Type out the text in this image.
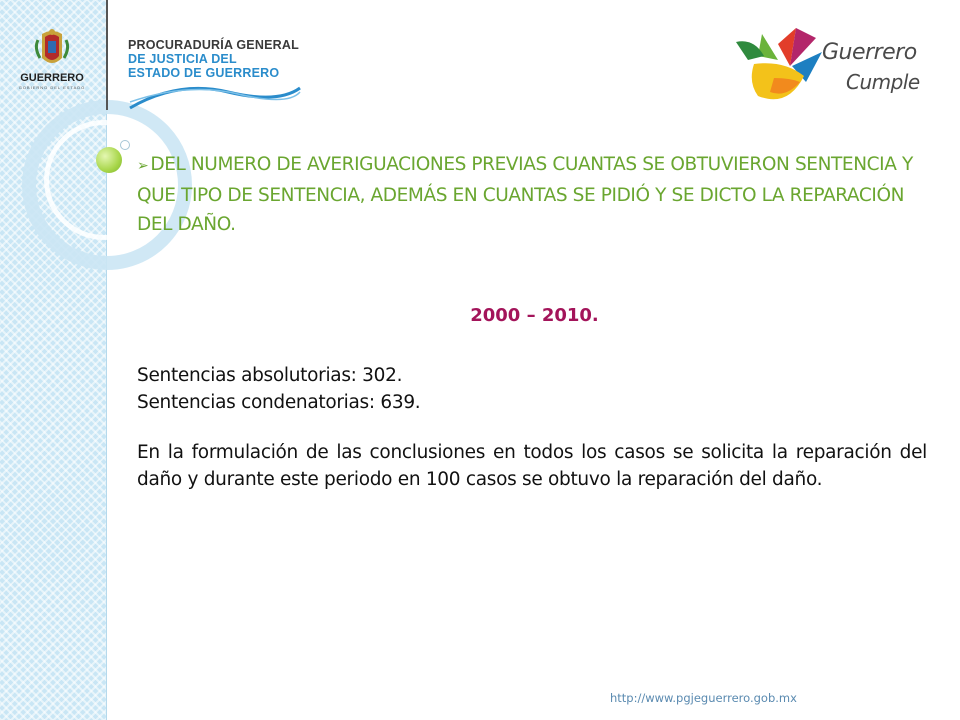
GUERRERO
GOBIERNO DEL ESTADO
PROCURADURÍA GENERAL
DE JUSTICIA DEL
ESTADO DE GUERRERO
Guerrero
Cumple
➢ DEL NUMERO DE AVERIGUACIONES PREVIAS CUANTAS SE OBTUVIERON SENTENCIA Y QUE TIPO DE SENTENCIA, ADEMÁS EN CUANTAS SE PIDIÓ Y SE DICTO LA REPARACIÓN DEL DAÑO.
2000 – 2010.

Sentencias absolutorias: 302.

Sentencias condenatorias: 639.

En la formulación de las conclusiones en todos los casos se solicita la reparación del daño y durante este periodo en 100 casos se obtuvo la reparación del daño.

http://www.pgjeguerrero.gob.mx
